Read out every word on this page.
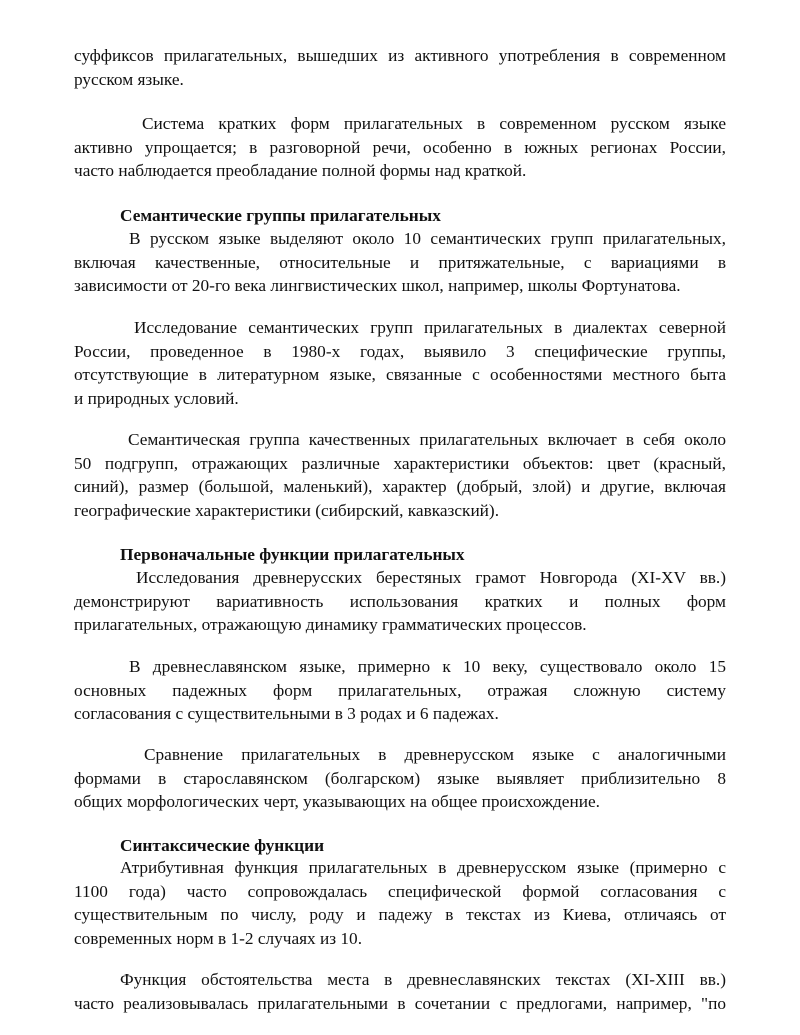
суффиксов прилагательных, вышедших из активного употребления в современном
русском языке.
Система кратких форм прилагательных в современном русском языке
активно упрощается; в разговорной речи, особенно в южных регионах России,
часто наблюдается преобладание полной формы над краткой.
Семантические группы прилагательных
В русском языке выделяют около 10 семантических групп прилагательных,
включая качественные, относительные и притяжательные, с вариациями в
зависимости от 20-го века лингвистических школ, например, школы Фортунатова.
Исследование семантических групп прилагательных в диалектах северной
России, проведенное в 1980-х годах, выявило 3 специфические группы,
отсутствующие в литературном языке, связанные с особенностями местного быта
и природных условий.
Семантическая группа качественных прилагательных включает в себя около
50 подгрупп, отражающих различные характеристики объектов: цвет (красный,
синий), размер (большой, маленький), характер (добрый, злой) и другие, включая
географические характеристики (сибирский, кавказский).
Первоначальные функции прилагательных
Исследования древнерусских берестяных грамот Новгорода (XI-XV вв.)
демонстрируют вариативность использования кратких и полных форм
прилагательных, отражающую динамику грамматических процессов.
В древнеславянском языке, примерно к 10 веку, существовало около 15
основных падежных форм прилагательных, отражая сложную систему
согласования с существительными в 3 родах и 6 падежах.
Сравнение прилагательных в древнерусском языке с аналогичными
формами в старославянском (болгарском) языке выявляет приблизительно 8
общих морфологических черт, указывающих на общее происхождение.
Синтаксические функции
Атрибутивная функция прилагательных в древнерусском языке (примерно с
1100 года) часто сопровождалась специфической формой согласования с
существительным по числу, роду и падежу в текстах из Киева, отличаясь от
современных норм в 1-2 случаях из 10.
Функция обстоятельства места в древнеславянских текстах (XI-XIII вв.)
часто реализовывалась прилагательными в сочетании с предлогами, например, "по
